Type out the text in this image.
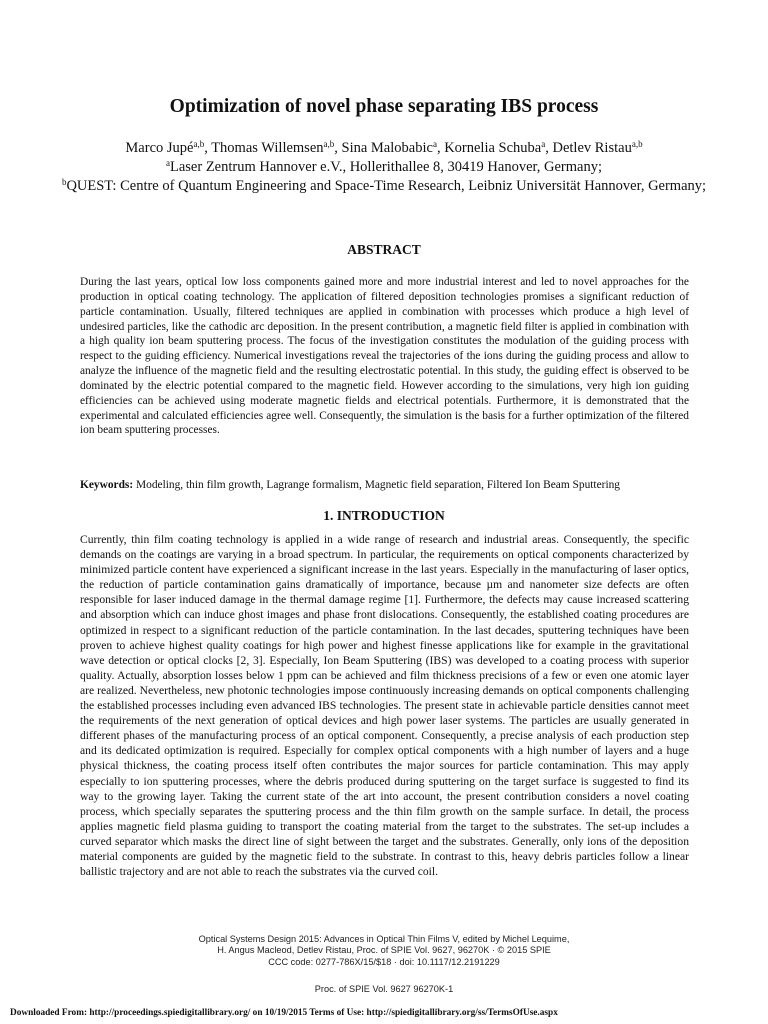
Optimization of novel phase separating IBS process
Marco Jupé$^{a,b}$, Thomas Willemsen$^{a,b}$, Sina Malobabic$^a$, Kornelia Schuba$^a$, Detlev Ristau$^{a,b}$
$^a$Laser Zentrum Hannover e.V., Hollerithallee 8, 30419 Hanover, Germany;
$^b$QUEST: Centre of Quantum Engineering and Space-Time Research, Leibniz Universität Hannover, Germany;
ABSTRACT

During the last years, optical low loss components gained more and more industrial interest and led to novel approaches for the production in optical coating technology. The application of filtered deposition technologies promises a significant reduction of particle contamination. Usually, filtered techniques are applied in combination with processes which produce a high level of undesired particles, like the cathodic arc deposition. In the present contribution, a magnetic field filter is applied in combination with a high quality ion beam sputtering process. The focus of the investigation constitutes the modulation of the guiding process with respect to the guiding efficiency. Numerical investigations reveal the trajectories of the ions during the guiding process and allow to analyze the influence of the magnetic field and the resulting electrostatic potential. In this study, the guiding effect is observed to be dominated by the electric potential compared to the magnetic field. However according to the simulations, very high ion guiding efficiencies can be achieved using moderate magnetic fields and electrical potentials. Furthermore, it is demonstrated that the experimental and calculated efficiencies agree well. Consequently, the simulation is the basis for a further optimization of the filtered ion beam sputtering processes.

Keywords: Modeling, thin film growth, Lagrange formalism, Magnetic field separation, Filtered Ion Beam Sputtering
1. INTRODUCTION

Currently, thin film coating technology is applied in a wide range of research and industrial areas. Consequently, the specific demands on the coatings are varying in a broad spectrum. In particular, the requirements on optical components characterized by minimized particle content have experienced a significant increase in the last years. Especially in the manufacturing of laser optics, the reduction of particle contamination gains dramatically of importance, because µm and nanometer size defects are often responsible for laser induced damage in the thermal damage regime [1]. Furthermore, the defects may cause increased scattering and absorption which can induce ghost images and phase front dislocations. Consequently, the established coating procedures are optimized in respect to a significant reduction of the particle contamination. In the last decades, sputtering techniques have been proven to achieve highest quality coatings for high power and highest finesse applications like for example in the gravitational wave detection or optical clocks [2, 3]. Especially, Ion Beam Sputtering (IBS) was developed to a coating process with superior quality. Actually, absorption losses below 1 ppm can be achieved and film thickness precisions of a few or even one atomic layer are realized. Nevertheless, new photonic technologies impose continuously increasing demands on optical components challenging the established processes including even advanced IBS technologies. The present state in achievable particle densities cannot meet the requirements of the next generation of optical devices and high power laser systems. The particles are usually generated in different phases of the manufacturing process of an optical component. Consequently, a precise analysis of each production step and its dedicated optimization is required. Especially for complex optical components with a high number of layers and a huge physical thickness, the coating process itself often contributes the major sources for particle contamination. This may apply especially to ion sputtering processes, where the debris produced during sputtering on the target surface is suggested to find its way to the growing layer. Taking the current state of the art into account, the present contribution considers a novel coating process, which specially separates the sputtering process and the thin film growth on the sample surface. In detail, the process applies magnetic field plasma guiding to transport the coating material from the target to the substrates. The set-up includes a curved separator which masks the direct line of sight between the target and the substrates. Generally, only ions of the deposition material components are guided by the magnetic field to the substrate. In contrast to this, heavy debris particles follow a linear ballistic trajectory and are not able to reach the substrates via the curved coil.

Optical Systems Design 2015: Advances in Optical Thin Films V, edited by Michel Lequime,
H. Angus Macleod, Detlev Ristau, Proc. of SPIE Vol. 9627, 96270K · © 2015 SPIE
CCC code: 0277-786X/15/$18 · doi: 10.1117/12.2191229
Proc. of SPIE Vol. 9627 96270K-1
Downloaded From: http://proceedings.spiedigitallibrary.org/ on 10/19/2015 Terms of Use: http://spiedigitallibrary.org/ss/TermsOfUse.aspx
